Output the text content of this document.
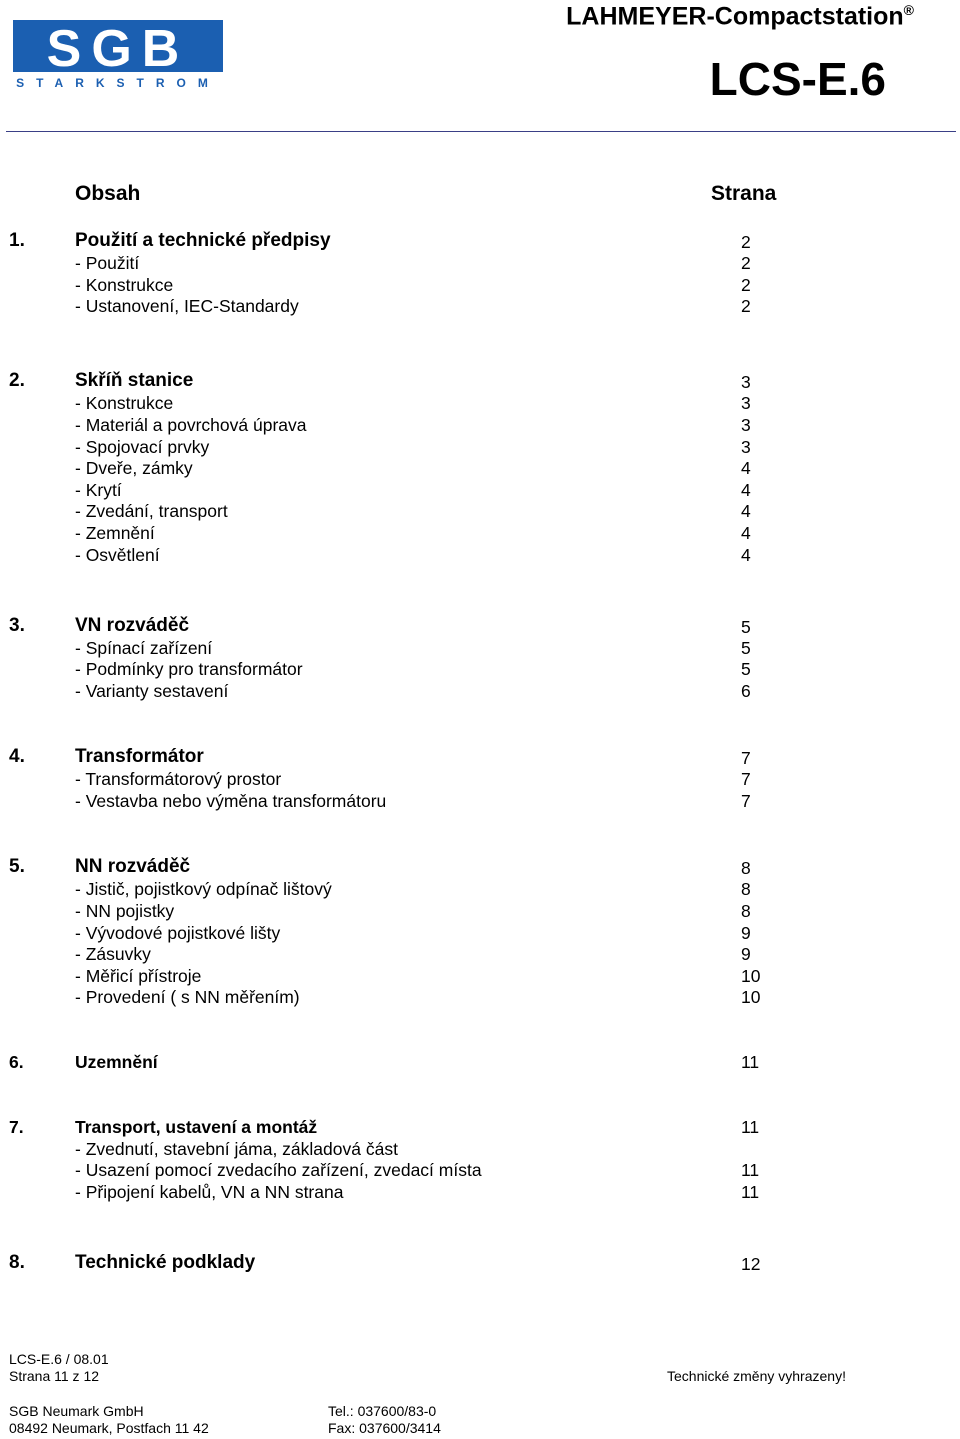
SGB
STARKSTROM
LAHMEYER-Compactstation®
LCS-E.6
Obsah	Strana
1.	Použití a technické předpisy	2
- Použití	2
- Konstrukce	2
- Ustanovení, IEC-Standardy	2
2.	Skříň stanice	3
- Konstrukce	3
- Materiál a povrchová úprava	3
- Spojovací prvky	3
- Dveře, zámky	4
- Krytí	4
- Zvedání, transport	4
- Zemnění	4
- Osvětlení	4
3.	VN rozváděč	5
- Spínací zařízení	5
- Podmínky pro transformátor	5
- Varianty sestavení	6
4.	Transformátor	7
- Transformátorový prostor	7
- Vestavba nebo výměna transformátoru	7
5.	NN rozváděč	8
- Jistič, pojistkový odpínač lištový	8
- NN pojistky	8
- Vývodové pojistkové lišty	9
- Zásuvky	9
- Měřicí přístroje	10
- Provedení ( s NN měřením)	10
6.	Uzemnění	11
7.	Transport, ustavení a montáž	11
- Zvednutí, stavební jáma, základová část
- Usazení pomocí zvedacího zařízení, zvedací místa	11
- Připojení kabelů, VN a NN strana	11
8.	Technické podklady	12
LCS-E.6 / 08.01
Strana 11 z 12	Technické změny vyhrazeny!
SGB Neumark GmbH
08492 Neumark, Postfach 11 42
Tel.: 037600/83-0
Fax: 037600/3414
